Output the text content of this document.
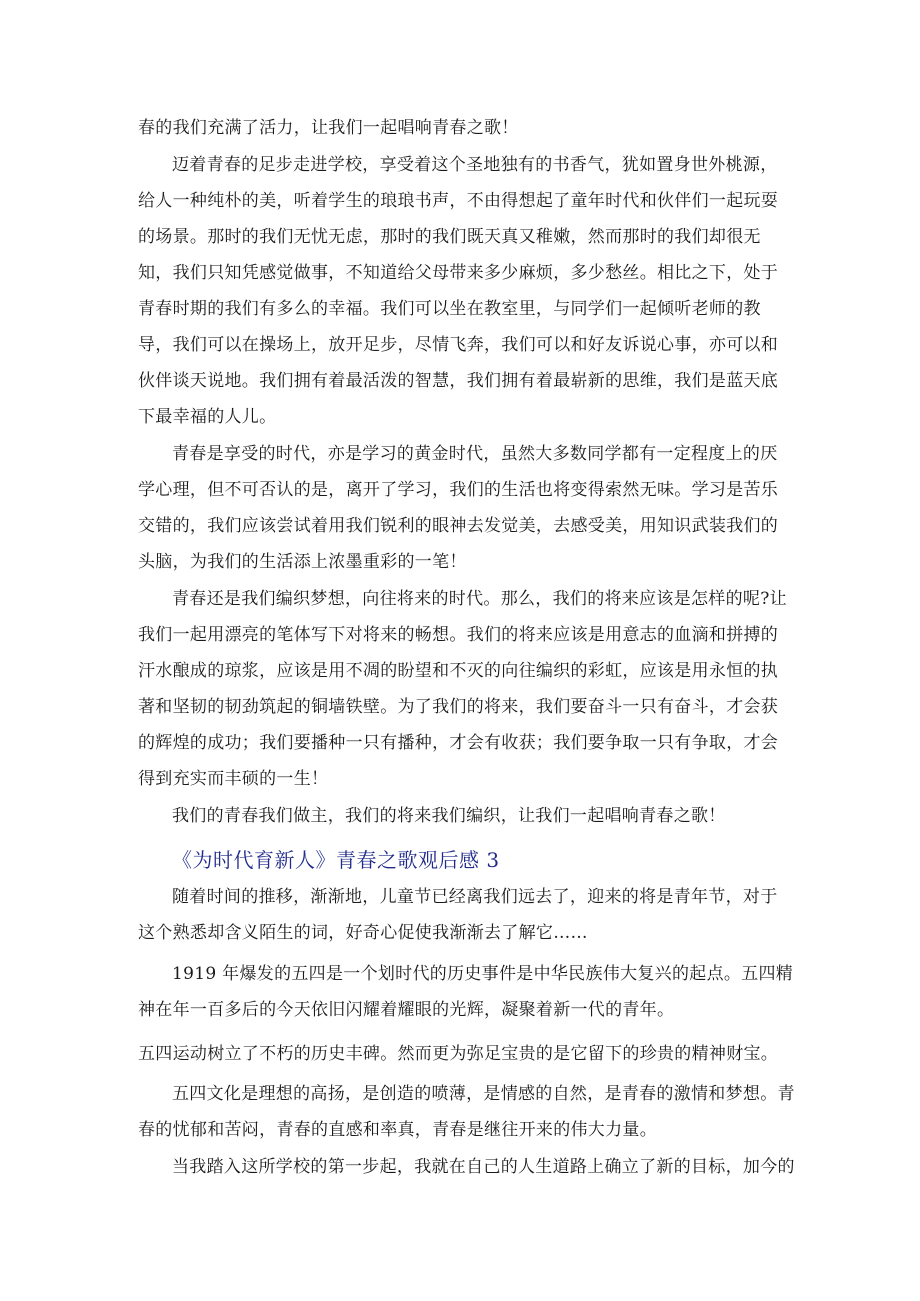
春的我们充满了活力，让我们一起唱响青春之歌！
迈着青春的足步走进学校，享受着这个圣地独有的书香气，犹如置身世外桃源，
给人一种纯朴的美，听着学生的琅琅书声，不由得想起了童年时代和伙伴们一起玩耍
的场景。那时的我们无忧无虑，那时的我们既天真又稚嫩，然而那时的我们却很无
知，我们只知凭感觉做事，不知道给父母带来多少麻烦，多少愁丝。相比之下，处于
青春时期的我们有多么的幸福。我们可以坐在教室里，与同学们一起倾听老师的教
导，我们可以在操场上，放开足步，尽情飞奔，我们可以和好友诉说心事，亦可以和
伙伴谈天说地。我们拥有着最活泼的智慧，我们拥有着最崭新的思维，我们是蓝天底
下最幸福的人儿。
青春是享受的时代，亦是学习的黄金时代，虽然大多数同学都有一定程度上的厌
学心理，但不可否认的是，离开了学习，我们的生活也将变得索然无味。学习是苦乐
交错的，我们应该尝试着用我们锐利的眼神去发觉美，去感受美，用知识武装我们的
头脑，为我们的生活添上浓墨重彩的一笔！
青春还是我们编织梦想，向往将来的时代。那么，我们的将来应该是怎样的呢?让
我们一起用漂亮的笔体写下对将来的畅想。我们的将来应该是用意志的血滴和拼搏的
汗水酿成的琼浆，应该是用不凋的盼望和不灭的向往编织的彩虹，应该是用永恒的执
著和坚韧的韧劲筑起的铜墙铁壁。为了我们的将来，我们要奋斗一只有奋斗，才会获
的辉煌的成功；我们要播种一只有播种，才会有收获；我们要争取一只有争取，才会
得到充实而丰硕的一生！
我们的青春我们做主，我们的将来我们编织，让我们一起唱响青春之歌！
《为时代育新人》青春之歌观后感 3
随着时间的推移，渐渐地，儿童节已经离我们远去了，迎来的将是青年节，对于
这个熟悉却含义陌生的词，好奇心促使我渐渐去了解它……
1919 年爆发的五四是一个划时代的历史事件是中华民族伟大复兴的起点。五四精
神在年一百多后的今天依旧闪耀着耀眼的光辉，凝聚着新一代的青年。
五四运动树立了不朽的历史丰碑。然而更为弥足宝贵的是它留下的珍贵的精神财宝。
五四文化是理想的高扬，是创造的喷薄，是情感的自然，是青春的激情和梦想。青
春的忧郁和苦闷，青春的直感和率真，青春是继往开来的伟大力量。
当我踏入这所学校的第一步起，我就在自己的人生道路上确立了新的目标，加今的
